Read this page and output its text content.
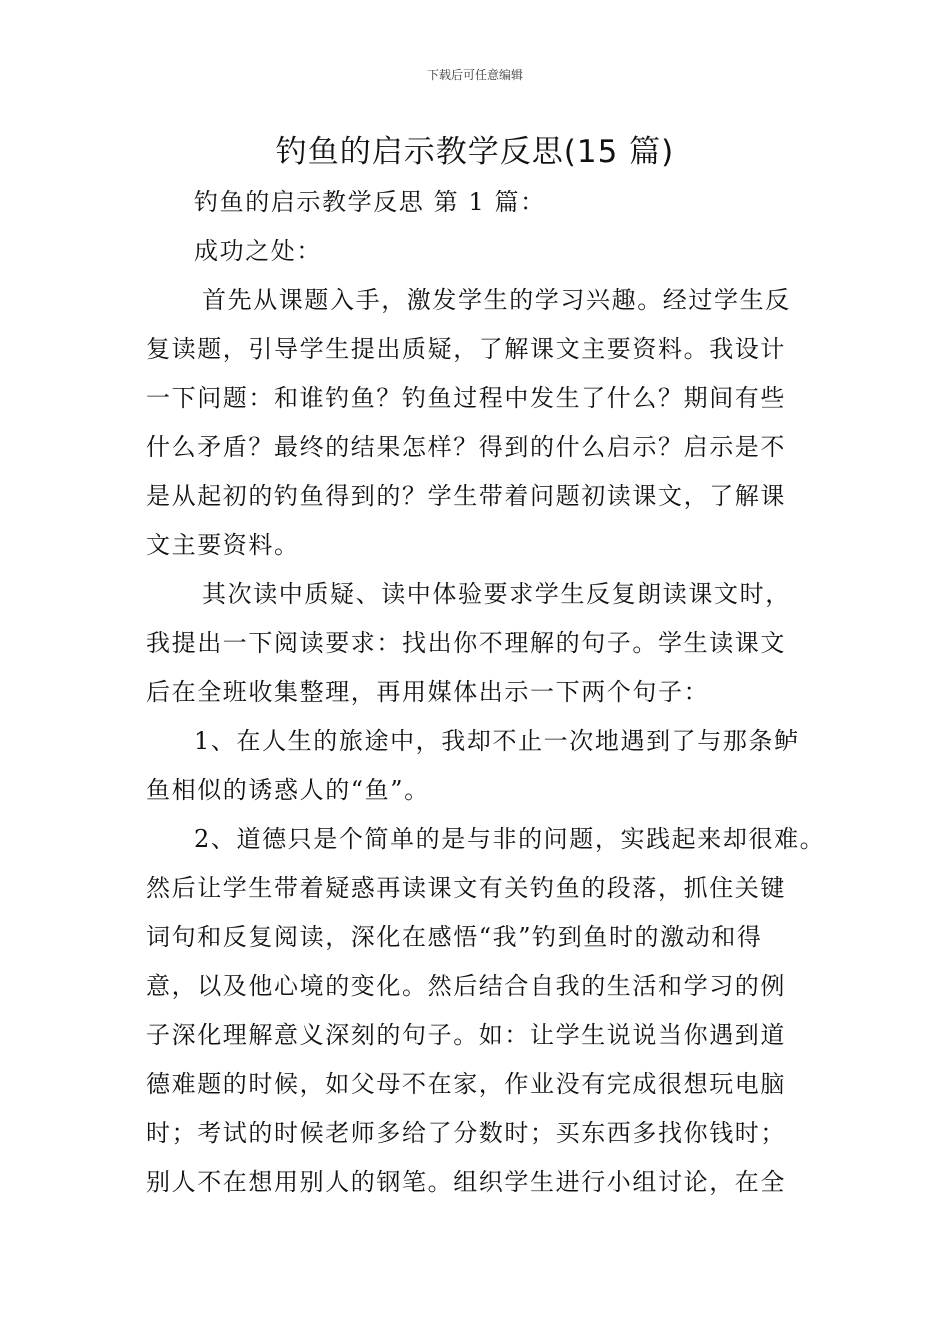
下载后可任意编辑
钓鱼的启示教学反思(15 篇)
钓鱼的启示教学反思 第 1 篇：
成功之处：
首先从课题入手，激发学生的学习兴趣。经过学生反
复读题，引导学生提出质疑，了解课文主要资料。我设计
一下问题：和谁钓鱼？钓鱼过程中发生了什么？期间有些
什么矛盾？最终的结果怎样？得到的什么启示？启示是不
是从起初的钓鱼得到的？学生带着问题初读课文，了解课
文主要资料。
其次读中质疑、读中体验要求学生反复朗读课文时，
我提出一下阅读要求：找出你不理解的句子。学生读课文
后在全班收集整理，再用媒体出示一下两个句子：
1、在人生的旅途中，我却不止一次地遇到了与那条鲈
鱼相似的诱惑人的“鱼”。
2、道德只是个简单的是与非的问题，实践起来却很难。
然后让学生带着疑惑再读课文有关钓鱼的段落，抓住关键
词句和反复阅读，深化在感悟“我”钓到鱼时的激动和得
意，以及他心境的变化。然后结合自我的生活和学习的例
子深化理解意义深刻的句子。如：让学生说说当你遇到道
德难题的时候，如父母不在家，作业没有完成很想玩电脑
时；考试的时候老师多给了分数时；买东西多找你钱时；
别人不在想用别人的钢笔。组织学生进行小组讨论，在全
